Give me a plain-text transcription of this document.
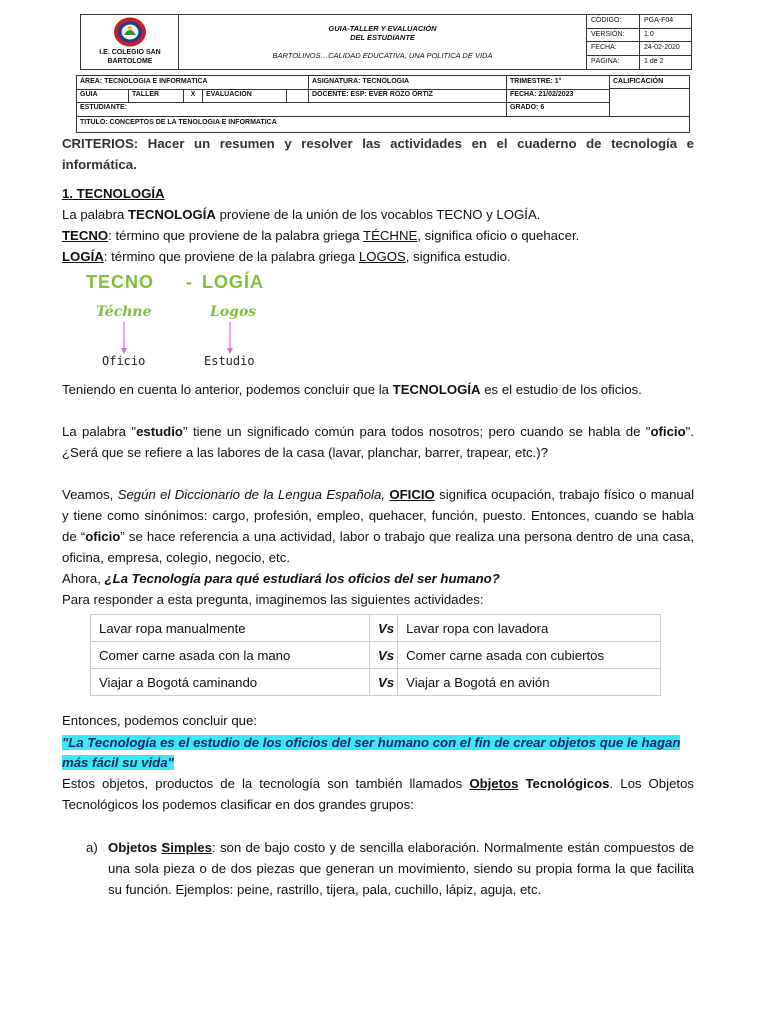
I.E. COLEGIO SAN
BARTOLOME
GUIA-TALLER Y EVALUACIÓN
DEL ESTUDIANTE
BARTOLINOS…CALIDAD EDUCATIVA, UNA POLITICA DE VIDA
CÓDIGO:	PGA-F04
VERSIÓN:	1.0
FECHA:	24-02-2020
PÁGINA:	1 de 2
ÁREA: TECNOLOGIA E INFORMATICA	ASIGNATURA: TECNOLOGIA	TRIMESTRE: 1°	CALIFICACIÓN
GUIA	TALLER	X	EVALUACIÓN	DOCENTE: ESP: EVER ROZO ORTIZ	FECHA: 21/02/2023
ESTUDIANTE:	GRADO: 6
TITULO: CONCEPTOS DE LA TENOLOGIA E INFORMATICA
CRITERIOS: Hacer un resumen y resolver las actividades en el cuaderno de tecnología e informática.
1. TECNOLOGÍA
La palabra TECNOLOGÍA proviene de la unión de los vocablos TECNO y LOGÍA.
TECNO: término que proviene de la palabra griega TÉCHNE, significa oficio o quehacer.
LOGÍA: término que proviene de la palabra griega LOGOS, significa estudio.
TECNO - LOGÍA
Téchne	Logos
Oficio	Estudio
Teniendo en cuenta lo anterior, podemos concluir que la TECNOLOGÍA es el estudio de los oficios.
La palabra "estudio" tiene un significado común para todos nosotros; pero cuando se habla de "oficio". ¿Será que se refiere a las labores de la casa (lavar, planchar, barrer, trapear, etc.)?
Veamos, Según el Diccionario de la Lengua Española, OFICIO significa ocupación, trabajo físico o manual y tiene como sinónimos: cargo, profesión, empleo, quehacer, función, puesto. Entonces, cuando se habla de “oficio” se hace referencia a una actividad, labor o trabajo que realiza una persona dentro de una casa, oficina, empresa, colegio, negocio, etc.
Ahora, ¿La Tecnología para qué estudiará los oficios del ser humano?
Para responder a esta pregunta, imaginemos las siguientes actividades:
Lavar ropa manualmente	Vs	Lavar ropa con lavadora
Comer carne asada con la mano	Vs	Comer carne asada con cubiertos
Viajar a Bogotá caminando	Vs	Viajar a Bogotá en avión
Entonces, podemos concluir que:
"La Tecnología es el estudio de los oficios del ser humano con el fin de crear objetos que le hagan más fácil su vida"
Estos objetos, productos de la tecnología son también llamados Objetos Tecnológicos. Los Objetos Tecnológicos los podemos clasificar en dos grandes grupos:
a) Objetos Simples: son de bajo costo y de sencilla elaboración. Normalmente están compuestos de una sola pieza o de dos piezas que generan un movimiento, siendo su propia forma la que facilita su función. Ejemplos: peine, rastrillo, tijera, pala, cuchillo, lápiz, aguja, etc.
